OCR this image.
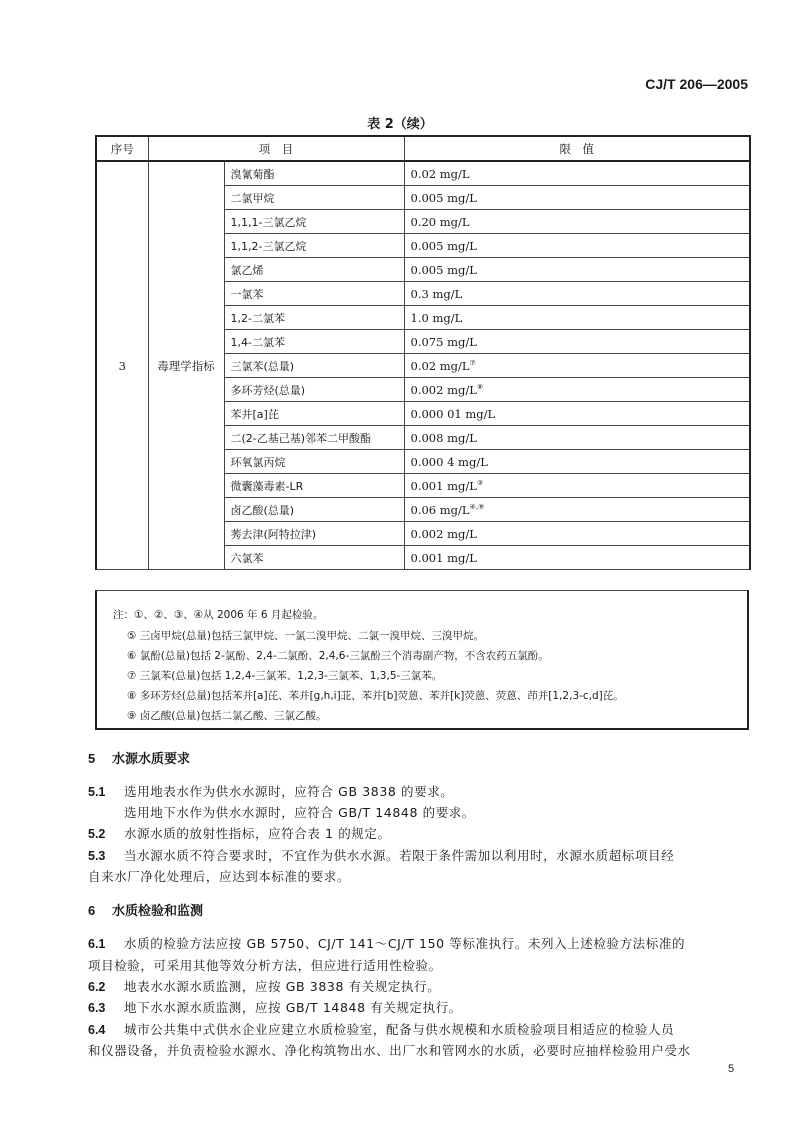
CJ/T 206—2005
表 2（续）
序号	项　目		限　值
3	毒理学指标	溴氰菊酯	0.02 mg/L
		二氯甲烷	0.005 mg/L
		1,1,1-三氯乙烷	0.20 mg/L
		1,1,2-三氯乙烷	0.005 mg/L
		氯乙烯	0.005 mg/L
		一氯苯	0.3 mg/L
		1,2-二氯苯	1.0 mg/L
		1,4-二氯苯	0.075 mg/L
		三氯苯(总量)	0.02 mg/L⑦
		多环芳烃(总量)	0.002 mg/L⑧
		苯并[a]芘	0.000 01 mg/L
		二(2-乙基己基)邻苯二甲酸酯	0.008 mg/L
		环氧氯丙烷	0.000 4 mg/L
		微囊藻毒素-LR	0.001 mg/L③
		卤乙酸(总量)	0.06 mg/L④,⑨
		莠去津(阿特拉津)	0.002 mg/L
		六氯苯	0.001 mg/L
注：①、②、③、④从 2006 年 6 月起检验。
⑤ 三卤甲烷(总量)包括三氯甲烷、一氯二溴甲烷、二氯一溴甲烷、三溴甲烷。
⑥ 氯酚(总量)包括 2-氯酚、2,4-二氯酚、2,4,6-三氯酚三个消毒副产物，不含农药五氯酚。
⑦ 三氯苯(总量)包括 1,2,4-三氯苯、1,2,3-三氯苯、1,3,5-三氯苯。
⑧ 多环芳烃(总量)包括苯并[a]芘、苯并[g,h,i]苝、苯并[b]荧蒽、苯并[k]荧蒽、荧蒽、茚并[1,2,3-c,d]芘。
⑨ 卤乙酸(总量)包括二氯乙酸、三氯乙酸。
5 水源水质要求
5.1 选用地表水作为供水水源时，应符合 GB 3838 的要求。
选用地下水作为供水水源时，应符合 GB/T 14848 的要求。
5.2 水源水质的放射性指标，应符合表 1 的规定。
5.3 当水源水质不符合要求时，不宜作为供水水源。若限于条件需加以利用时，水源水质超标项目经
自来水厂净化处理后，应达到本标准的要求。
6 水质检验和监测
6.1 水质的检验方法应按 GB 5750、CJ/T 141～CJ/T 150 等标准执行。未列入上述检验方法标准的
项目检验，可采用其他等效分析方法，但应进行适用性检验。
6.2 地表水水源水质监测，应按 GB 3838 有关规定执行。
6.3 地下水水源水质监测，应按 GB/T 14848 有关规定执行。
6.4 城市公共集中式供水企业应建立水质检验室，配备与供水规模和水质检验项目相适应的检验人员
和仪器设备，并负责检验水源水、净化构筑物出水、出厂水和管网水的水质，必要时应抽样检验用户受水
5
